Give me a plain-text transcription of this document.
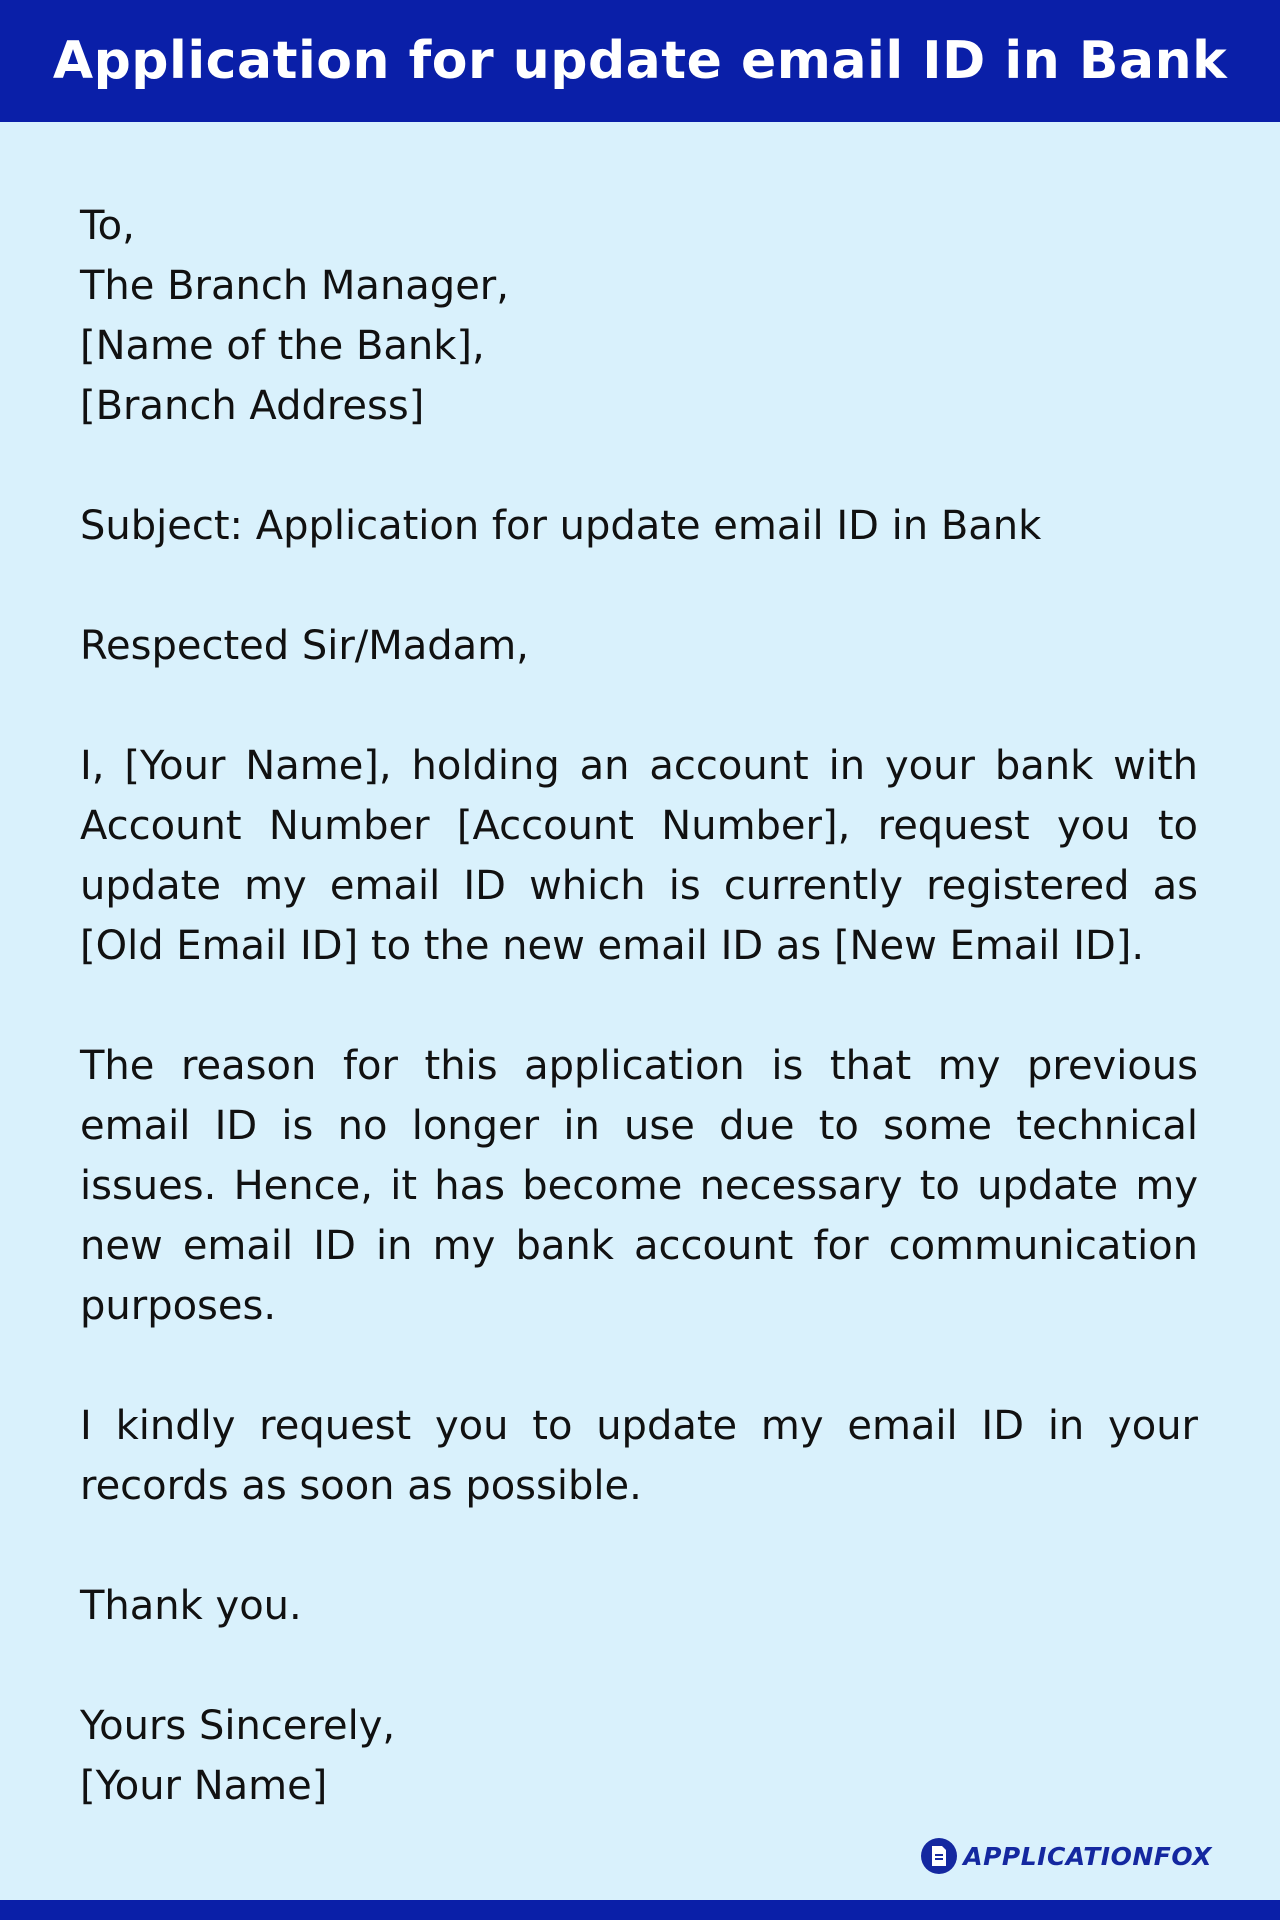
Application for update email ID in Bank

To,

The Branch Manager,

[Name of the Bank],

[Branch Address]

Subject: Application for update email ID in Bank

Respected Sir/Madam,

I, [Your Name], holding an account in your bank with Account Number [Account Number], request you to update my email ID which is currently registered as [Old Email ID] to the new email ID as [New Email ID].

The reason for this application is that my previous email ID is no longer in use due to some technical issues. Hence, it has become necessary to update my new email ID in my bank account for communication purposes.

I kindly request you to update my email ID in your records as soon as possible.

Thank you.

Yours Sincerely,

[Your Name]

APPLICATIONFOX
